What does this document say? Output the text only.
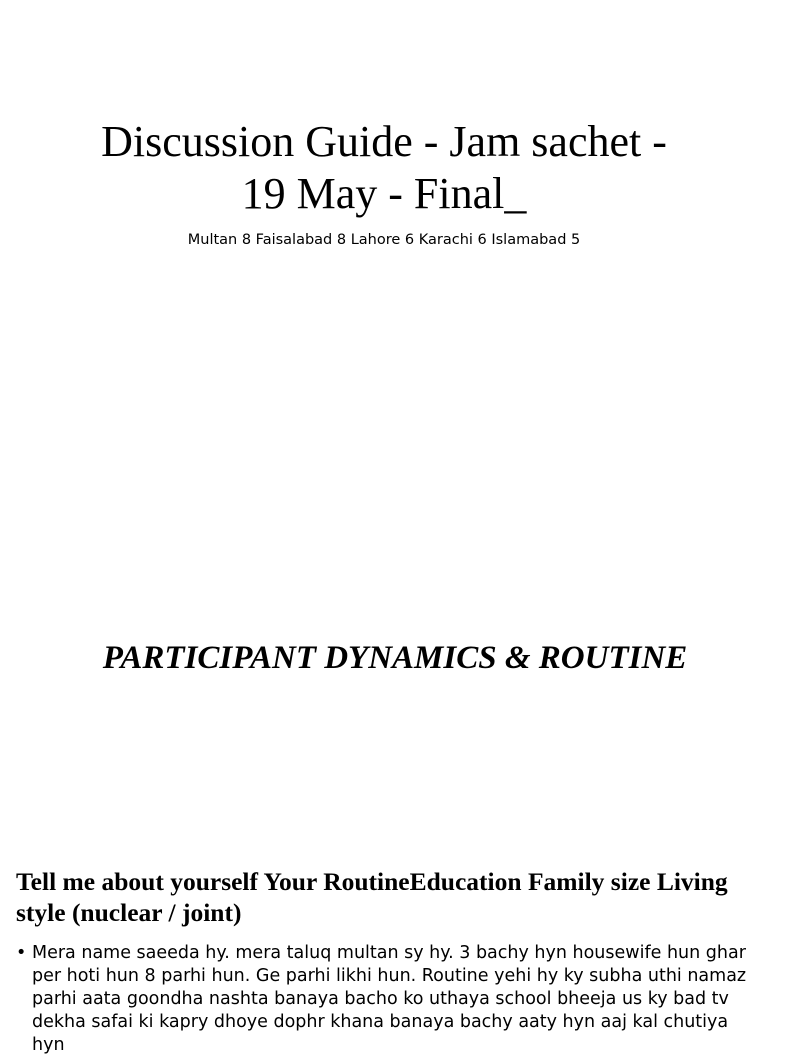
Discussion Guide - Jam sachet - 19 May - Final_

Multan 8 Faisalabad 8 Lahore 6 Karachi 6 Islamabad 5

PARTICIPANT DYNAMICS & ROUTINE
Tell me about yourself Your RoutineEducation Family size Living style (nuclear / joint)
• Mera name saeeda hy. mera taluq multan sy hy. 3 bachy hyn housewife hun ghar per hoti hun 8 parhi hun. Ge parhi likhi hun. Routine yehi hy ky subha uthi namaz parhi aata goondha nashta banaya bacho ko uthaya school bheeja us ky bad tv dekha safai ki kapry dhoye dophr khana banaya bachy aaty hyn aaj kal chutiya hyn
